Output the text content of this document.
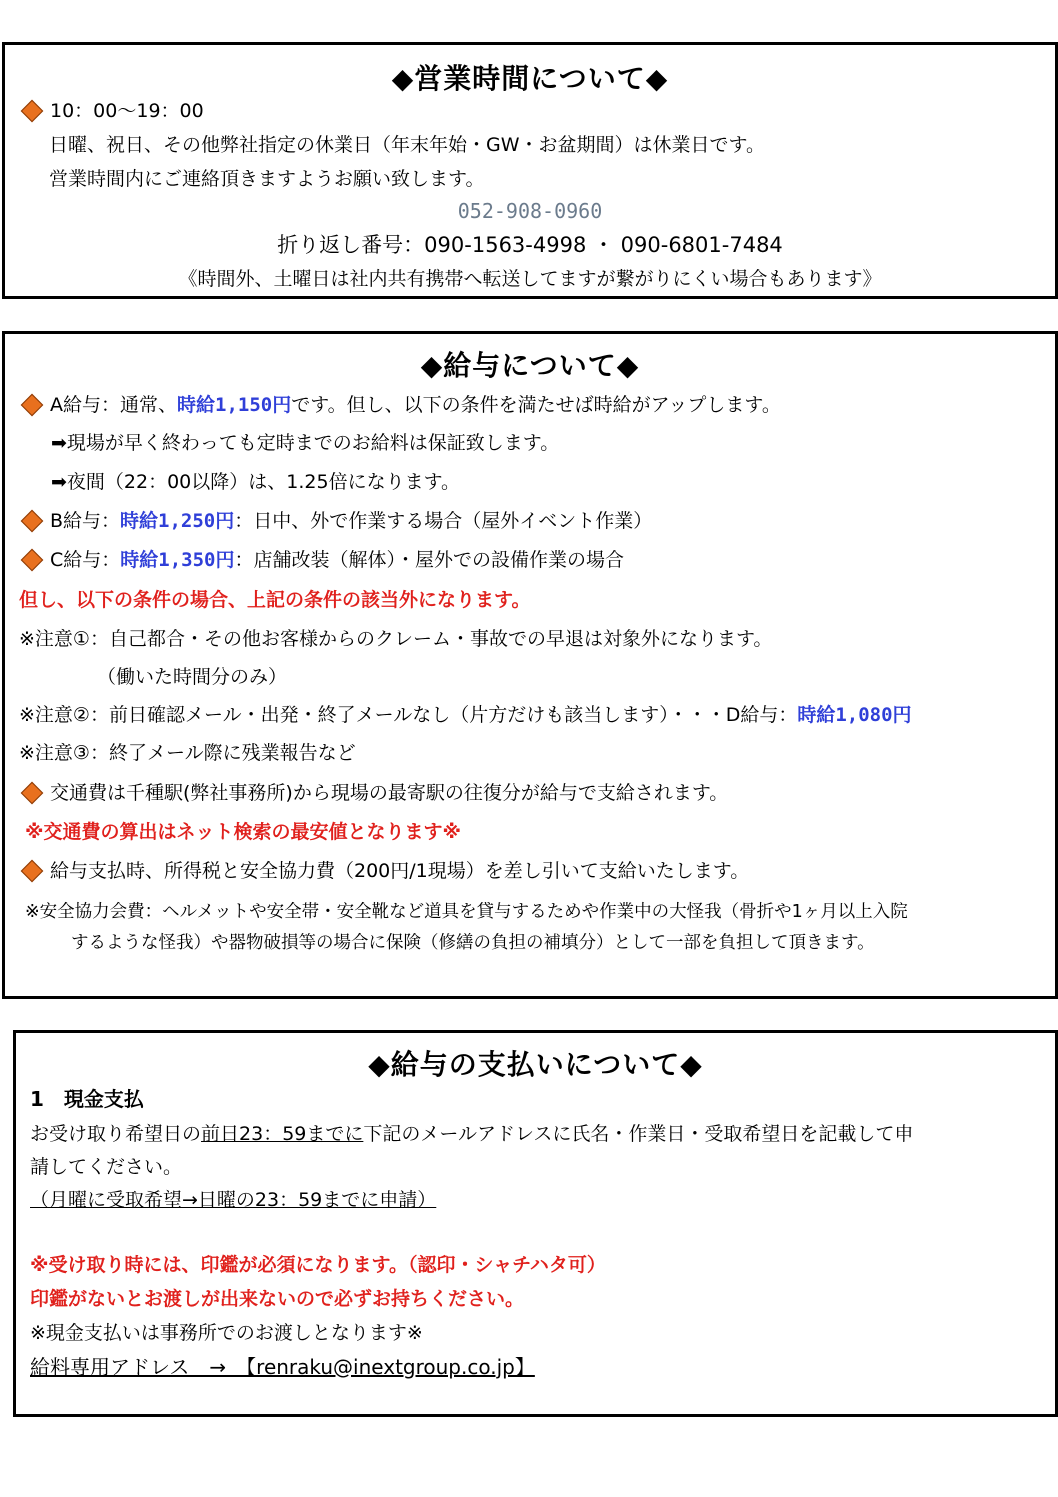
◆営業時間について◆
10：00～19：00
日曜、祝日、その他弊社指定の休業日（年末年始・GW・お盆期間）は休業日です。
営業時間内にご連絡頂きますようお願い致します。
052-908-0960
折り返し番号：090-1563-4998 ・ 090-6801-7484
《時間外、土曜日は社内共有携帯へ転送してますが繋がりにくい場合もあります》
◆給与について◆
A給与：通常、時給1,150円です。但し、以下の条件を満たせば時給がアップします。
➡現場が早く終わっても定時までのお給料は保証致します。
➡夜間（22：00以降）は、1.25倍になります。
B給与：時給1,250円：日中、外で作業する場合（屋外イベント作業）
C給与：時給1,350円：店舗改装（解体）・屋外での設備作業の場合
但し、以下の条件の場合、上記の条件の該当外になります。
※注意①：自己都合・その他お客様からのクレーム・事故での早退は対象外になります。
（働いた時間分のみ）
※注意②：前日確認メール・出発・終了メールなし（片方だけも該当します）・・・D給与：時給1,080円
※注意③：終了メール際に残業報告など
交通費は千種駅(弊社事務所)から現場の最寄駅の往復分が給与で支給されます。
※交通費の算出はネット検索の最安値となります※
給与支払時、所得税と安全協力費（200円/1現場）を差し引いて支給いたします。
※安全協力会費：ヘルメットや安全帯・安全靴など道具を貸与するためや作業中の大怪我（骨折や1ヶ月以上入院
するような怪我）や器物破損等の場合に保険（修繕の負担の補填分）として一部を負担して頂きます。
◆給与の支払いについて◆
1　現金支払
お受け取り希望日の前日23：59までに下記のメールアドレスに氏名・作業日・受取希望日を記載して申
請してください。
（月曜に受取希望→日曜の23：59までに申請）
※受け取り時には、印鑑が必須になります。（認印・シャチハタ可）
印鑑がないとお渡しが出来ないので必ずお持ちください。
※現金支払いは事務所でのお渡しとなります※
給料専用アドレス　→　【renraku@inextgroup.co.jp】
